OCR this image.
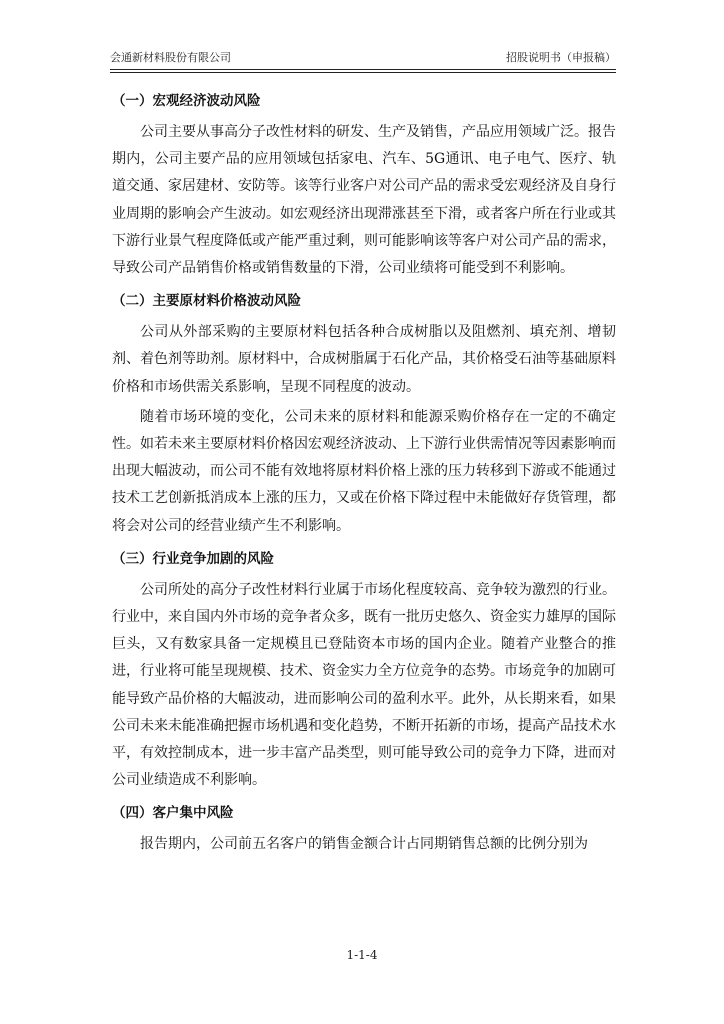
会通新材料股份有限公司	招股说明书（申报稿）
（一）宏观经济波动风险

公司主要从事高分子改性材料的研发、生产及销售，产品应用领域广泛。报告期内，公司主要产品的应用领域包括家电、汽车、5G通讯、电子电气、医疗、轨道交通、家居建材、安防等。该等行业客户对公司产品的需求受宏观经济及自身行业周期的影响会产生波动。如宏观经济出现滞涨甚至下滑，或者客户所在行业或其下游行业景气程度降低或产能严重过剩，则可能影响该等客户对公司产品的需求，导致公司产品销售价格或销售数量的下滑，公司业绩将可能受到不利影响。

（二）主要原材料价格波动风险

公司从外部采购的主要原材料包括各种合成树脂以及阻燃剂、填充剂、增韧剂、着色剂等助剂。原材料中，合成树脂属于石化产品，其价格受石油等基础原料价格和市场供需关系影响，呈现不同程度的波动。

随着市场环境的变化，公司未来的原材料和能源采购价格存在一定的不确定性。如若未来主要原材料价格因宏观经济波动、上下游行业供需情况等因素影响而出现大幅波动，而公司不能有效地将原材料价格上涨的压力转移到下游或不能通过技术工艺创新抵消成本上涨的压力，又或在价格下降过程中未能做好存货管理，都将会对公司的经营业绩产生不利影响。

（三）行业竞争加剧的风险

公司所处的高分子改性材料行业属于市场化程度较高、竞争较为激烈的行业。行业中，来自国内外市场的竞争者众多，既有一批历史悠久、资金实力雄厚的国际巨头，又有数家具备一定规模且已登陆资本市场的国内企业。随着产业整合的推进，行业将可能呈现规模、技术、资金实力全方位竞争的态势。市场竞争的加剧可能导致产品价格的大幅波动，进而影响公司的盈利水平。此外，从长期来看，如果公司未来未能准确把握市场机遇和变化趋势，不断开拓新的市场，提高产品技术水平，有效控制成本，进一步丰富产品类型，则可能导致公司的竞争力下降，进而对公司业绩造成不利影响。

（四）客户集中风险

报告期内，公司前五名客户的销售金额合计占同期销售总额的比例分别为

1-1-4
